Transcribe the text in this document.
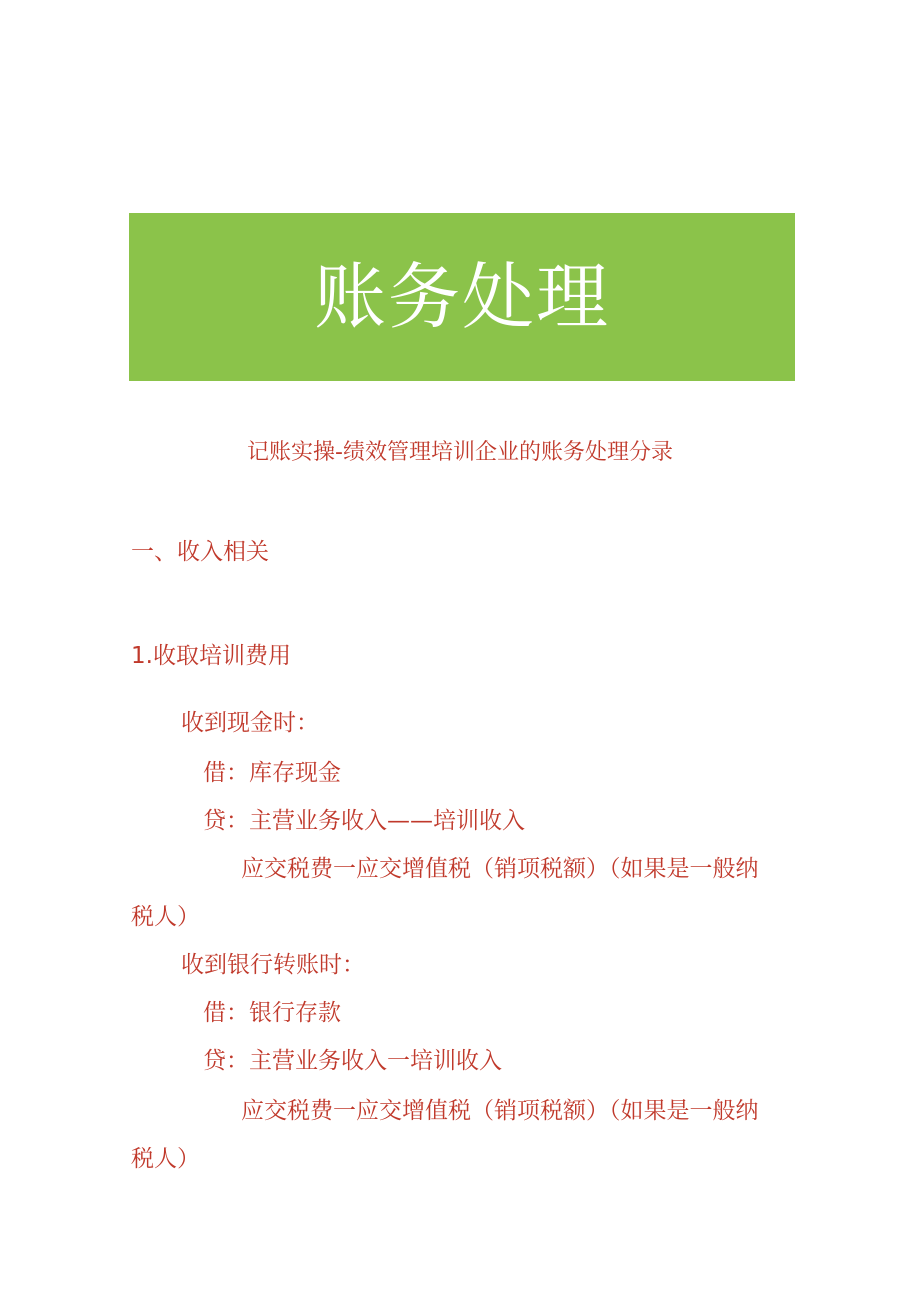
账务处理
记账实操-绩效管理培训企业的账务处理分录
一、收入相关
1.收取培训费用
收到现金时：
借：库存现金
贷：主营业务收入——培训收入
应交税费一应交增值税（销项税额）（如果是一般纳
税人）
收到银行转账时：
借：银行存款
贷：主营业务收入一培训收入
应交税费一应交增值税（销项税额）（如果是一般纳
税人）
